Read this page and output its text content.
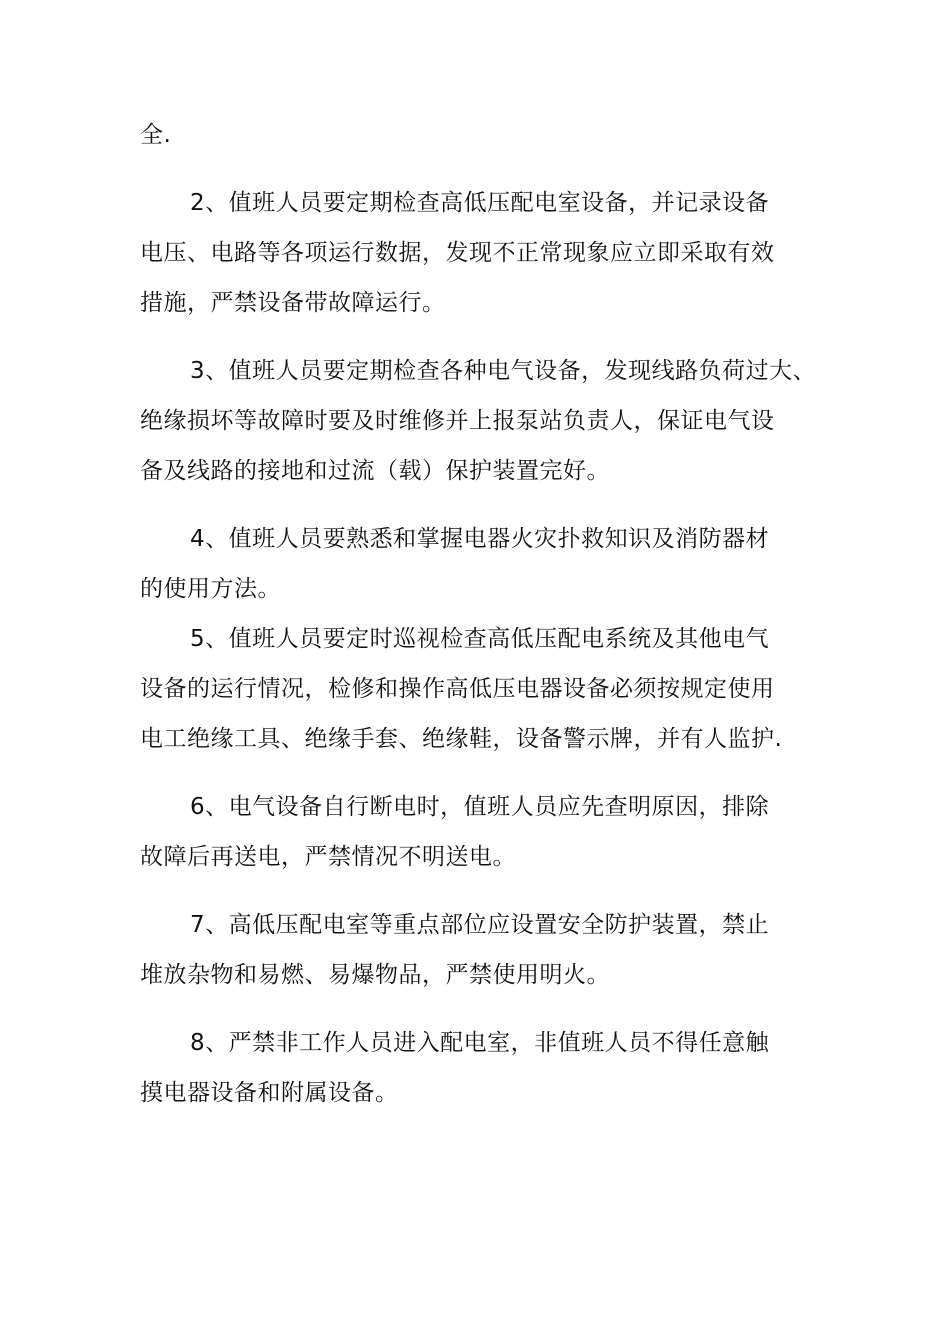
全.
2、值班人员要定期检查高低压配电室设备，并记录设备
电压、电路等各项运行数据，发现不正常现象应立即采取有效
措施，严禁设备带故障运行。
3、值班人员要定期检查各种电气设备，发现线路负荷过大、
绝缘损坏等故障时要及时维修并上报泵站负责人，保证电气设
备及线路的接地和过流（载）保护装置完好。
4、值班人员要熟悉和掌握电器火灾扑救知识及消防器材
的使用方法。
5、值班人员要定时巡视检查高低压配电系统及其他电气
设备的运行情况，检修和操作高低压电器设备必须按规定使用
电工绝缘工具、绝缘手套、绝缘鞋，设备警示牌，并有人监护.
6、电气设备自行断电时，值班人员应先查明原因，排除
故障后再送电，严禁情况不明送电。
7、高低压配电室等重点部位应设置安全防护装置，禁止
堆放杂物和易燃、易爆物品，严禁使用明火。
8、严禁非工作人员进入配电室，非值班人员不得任意触
摸电器设备和附属设备。
